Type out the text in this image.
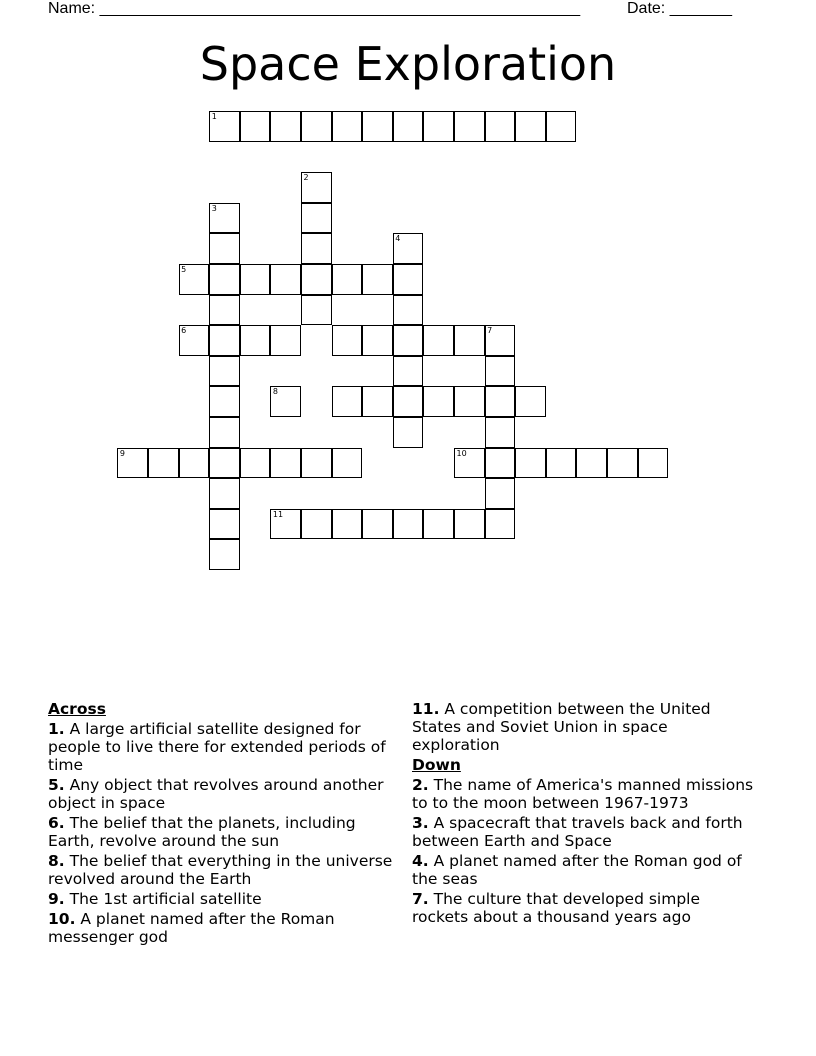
Name: ______________________________________________________	Date: _______
Space Exploration
1
2
3
4
5
6	7
8
9	10
11
Across
1. A large artificial satellite designed for people to live there for extended periods of time
5. Any object that revolves around another object in space
6. The belief that the planets, including Earth, revolve around the sun
8. The belief that everything in the universe revolved around the Earth
9. The 1st artificial satellite
10. A planet named after the Roman messenger god
11. A competition between the United States and Soviet Union in space exploration
Down
2. The name of America's manned missions to to the moon between 1967-1973
3. A spacecraft that travels back and forth between Earth and Space
4. A planet named after the Roman god of the seas
7. The culture that developed simple rockets about a thousand years ago
